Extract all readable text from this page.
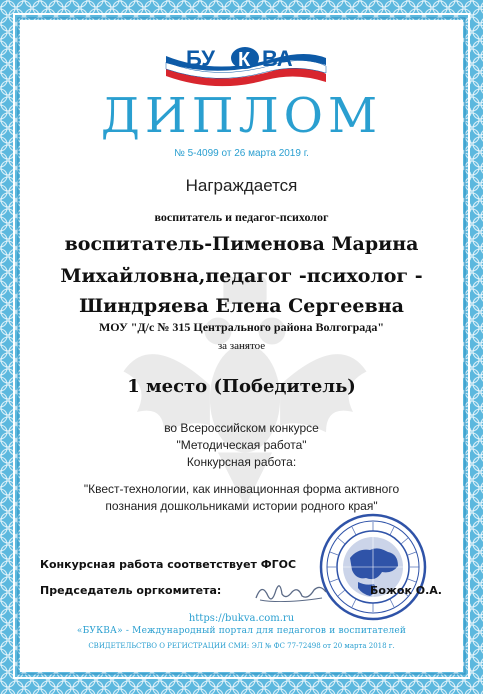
БУ К ВА
ДИПЛОМ
№ 5-4099 от 26 марта 2019 г.
Награждается
воспитатель и педагог-психолог
воспитатель-Пименова Марина
Михайловна,педагог -психолог -
Шиндряева Елена Сергеевна
МОУ "Д/с № 315 Центрального района Волгограда"
за занятое
1 место (Победитель)
во Всероссийском конкурсе
"Методическая работа"
Конкурсная работа:
"Квест-технологии, как инновационная форма активного
познания дошкольниками истории родного края"
Конкурсная работа соответствует ФГОС
Председатель оргкомитета:	Божок О.А.
https://bukva.com.ru
«БУКВА» - Международный портал для педагогов и воспитателей
СВИДЕТЕЛЬСТВО О РЕГИСТРАЦИИ СМИ: ЭЛ № ФС 77-72498 от 20 марта 2018 г.
